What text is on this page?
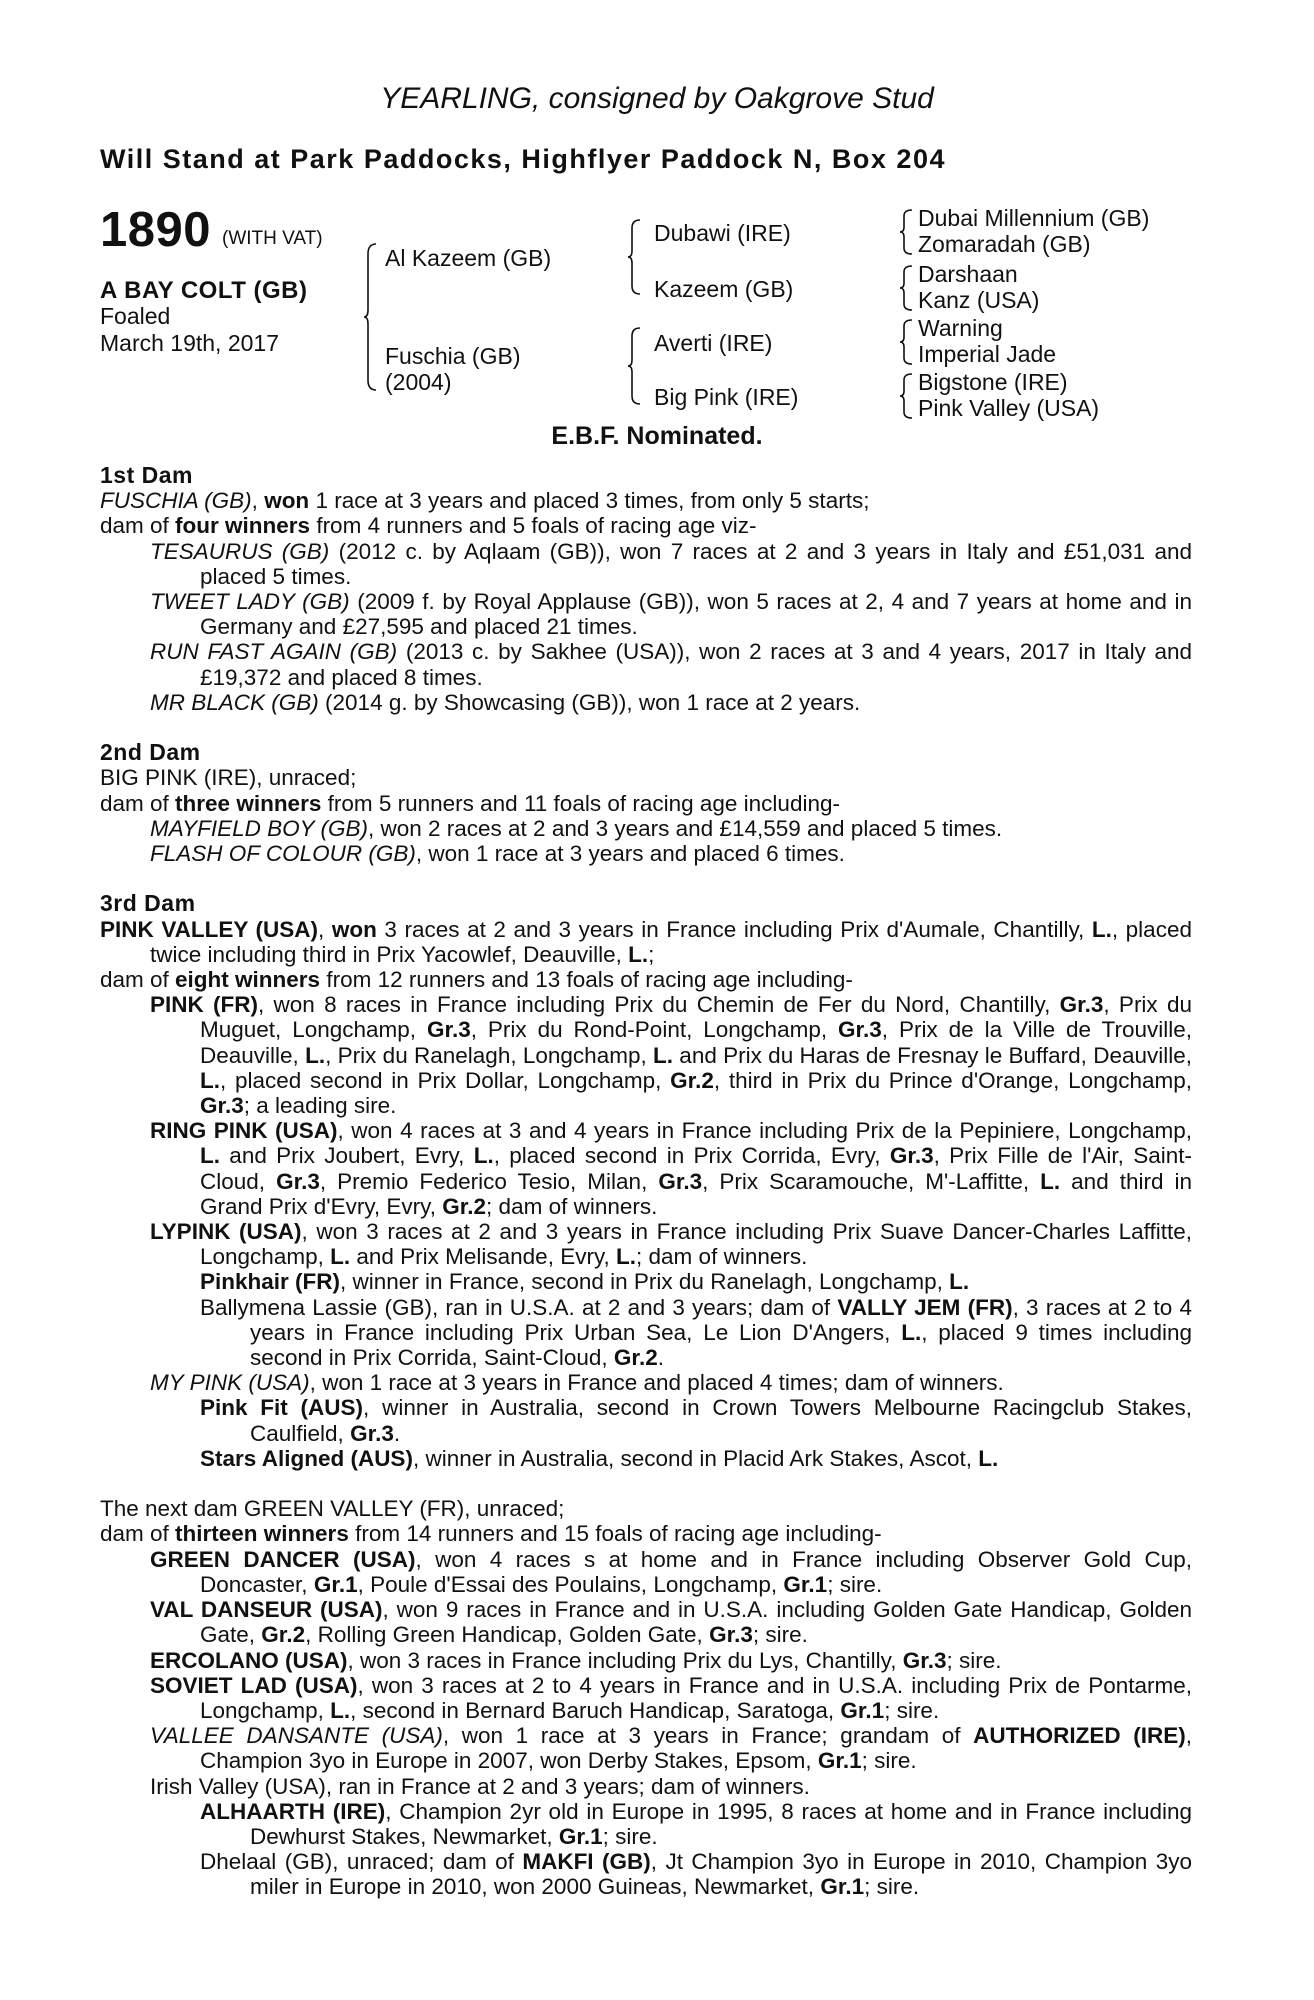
YEARLING, consigned by Oakgrove Stud
Will Stand at Park Paddocks, Highflyer Paddock N, Box 204
1890 (WITH VAT)
A BAY COLT (GB)
Foaled
March 19th, 2017
Al Kazeem (GB)
Fuschia (GB)
(2004)
Dubawi (IRE)
Kazeem (GB)
Averti (IRE)
Big Pink (IRE)
Dubai Millennium (GB)
Zomaradah (GB)
Darshaan
Kanz (USA)
Warning
Imperial Jade
Bigstone (IRE)
Pink Valley (USA)
E.B.F. Nominated.
1st Dam
FUSCHIA (GB), won 1 race at 3 years and placed 3 times, from only 5 starts;
dam of four winners from 4 runners and 5 foals of racing age viz-
TESAURUS (GB) (2012 c. by Aqlaam (GB)), won 7 races at 2 and 3 years in Italy and £51,031 and placed 5 times.
TWEET LADY (GB) (2009 f. by Royal Applause (GB)), won 5 races at 2, 4 and 7 years at home and in Germany and £27,595 and placed 21 times.
RUN FAST AGAIN (GB) (2013 c. by Sakhee (USA)), won 2 races at 3 and 4 years, 2017 in Italy and £19,372 and placed 8 times.
MR BLACK (GB) (2014 g. by Showcasing (GB)), won 1 race at 2 years.
2nd Dam
BIG PINK (IRE), unraced;
dam of three winners from 5 runners and 11 foals of racing age including-
MAYFIELD BOY (GB), won 2 races at 2 and 3 years and £14,559 and placed 5 times.
FLASH OF COLOUR (GB), won 1 race at 3 years and placed 6 times.
3rd Dam
PINK VALLEY (USA), won 3 races at 2 and 3 years in France including Prix d'Aumale, Chantilly, L., placed twice including third in Prix Yacowlef, Deauville, L.;
dam of eight winners from 12 runners and 13 foals of racing age including-
PINK (FR), won 8 races in France including Prix du Chemin de Fer du Nord, Chantilly, Gr.3, Prix du Muguet, Longchamp, Gr.3, Prix du Rond-Point, Longchamp, Gr.3, Prix de la Ville de Trouville, Deauville, L., Prix du Ranelagh, Longchamp, L. and Prix du Haras de Fresnay le Buffard, Deauville, L., placed second in Prix Dollar, Longchamp, Gr.2, third in Prix du Prince d'Orange, Longchamp, Gr.3; a leading sire.
RING PINK (USA), won 4 races at 3 and 4 years in France including Prix de la Pepiniere, Longchamp, L. and Prix Joubert, Evry, L., placed second in Prix Corrida, Evry, Gr.3, Prix Fille de l'Air, Saint-Cloud, Gr.3, Premio Federico Tesio, Milan, Gr.3, Prix Scaramouche, M'-Laffitte, L. and third in Grand Prix d'Evry, Evry, Gr.2; dam of winners.
LYPINK (USA), won 3 races at 2 and 3 years in France including Prix Suave Dancer-Charles Laffitte, Longchamp, L. and Prix Melisande, Evry, L.; dam of winners.
Pinkhair (FR), winner in France, second in Prix du Ranelagh, Longchamp, L.
Ballymena Lassie (GB), ran in U.S.A. at 2 and 3 years; dam of VALLY JEM (FR), 3 races at 2 to 4 years in France including Prix Urban Sea, Le Lion D'Angers, L., placed 9 times including second in Prix Corrida, Saint-Cloud, Gr.2.
MY PINK (USA), won 1 race at 3 years in France and placed 4 times; dam of winners.
Pink Fit (AUS), winner in Australia, second in Crown Towers Melbourne Racingclub Stakes, Caulfield, Gr.3.
Stars Aligned (AUS), winner in Australia, second in Placid Ark Stakes, Ascot, L.
The next dam GREEN VALLEY (FR), unraced;
dam of thirteen winners from 14 runners and 15 foals of racing age including-
GREEN DANCER (USA), won 4 races s at home and in France including Observer Gold Cup, Doncaster, Gr.1, Poule d'Essai des Poulains, Longchamp, Gr.1; sire.
VAL DANSEUR (USA), won 9 races in France and in U.S.A. including Golden Gate Handicap, Golden Gate, Gr.2, Rolling Green Handicap, Golden Gate, Gr.3; sire.
ERCOLANO (USA), won 3 races in France including Prix du Lys, Chantilly, Gr.3; sire.
SOVIET LAD (USA), won 3 races at 2 to 4 years in France and in U.S.A. including Prix de Pontarme, Longchamp, L., second in Bernard Baruch Handicap, Saratoga, Gr.1; sire.
VALLEE DANSANTE (USA), won 1 race at 3 years in France; grandam of AUTHORIZED (IRE), Champion 3yo in Europe in 2007, won Derby Stakes, Epsom, Gr.1; sire.
Irish Valley (USA), ran in France at 2 and 3 years; dam of winners.
ALHAARTH (IRE), Champion 2yr old in Europe in 1995, 8 races at home and in France including Dewhurst Stakes, Newmarket, Gr.1; sire.
Dhelaal (GB), unraced; dam of MAKFI (GB), Jt Champion 3yo in Europe in 2010, Champion 3yo miler in Europe in 2010, won 2000 Guineas, Newmarket, Gr.1; sire.
